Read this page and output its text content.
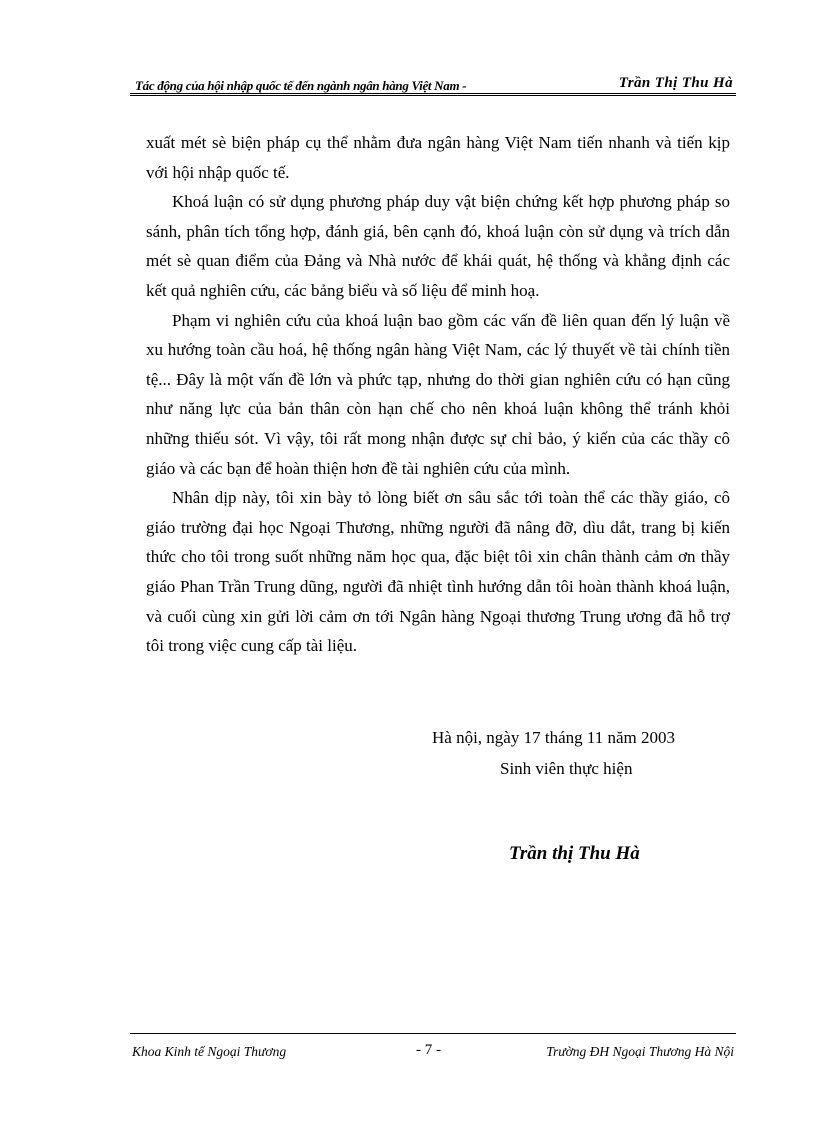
Tác động của hội nhập quốc tế đến ngành ngân hàng Việt Nam -	Trần Thị Thu Hà

xuất mét sè biện pháp cụ thể nhằm đưa ngân hàng Việt Nam tiến nhanh và tiến kịp với hội nhập quốc tế.

Khoá luận có sử dụng phương pháp duy vật biện chứng kết hợp phương pháp so sánh, phân tích tổng hợp, đánh giá, bên cạnh đó, khoá luận còn sử dụng và trích dẫn mét sè quan điểm của Đảng và Nhà nước để khái quát, hệ thống và khẳng định các kết quả nghiên cứu, các bảng biểu và số liệu để minh hoạ.

Phạm vi nghiên cứu của khoá luận bao gồm các vấn đề liên quan đến lý luận về xu hướng toàn cầu hoá, hệ thống ngân hàng Việt Nam, các lý thuyết về tài chính tiền tệ... Đây là một vấn đề lớn và phức tạp, nhưng do thời gian nghiên cứu có hạn cũng như năng lực của bản thân còn hạn chế cho nên khoá luận không thể tránh khỏi những thiếu sót. Vì vậy, tôi rất mong nhận được sự chỉ bảo, ý kiến của các thầy cô giáo và các bạn để hoàn thiện hơn đề tài nghiên cứu của mình.

Nhân dịp này, tôi xin bày tỏ lòng biết ơn sâu sắc tới toàn thể các thầy giáo, cô giáo trường đại học Ngoại Thương, những người đã nâng đỡ, dìu dắt, trang bị kiến thức cho tôi trong suốt những năm học qua, đặc biệt tôi xin chân thành cảm ơn thầy giáo Phan Trần Trung dũng, người đã nhiệt tình hướng dẫn tôi hoàn thành khoá luận, và cuối cùng xin gửi lời cảm ơn tới Ngân hàng Ngoại thương Trung ương đã hỗ trợ tôi trong việc cung cấp tài liệu.

Hà nội, ngày 17 tháng 11 năm 2003
Sinh viên thực hiện
Trần thị Thu Hà
Khoa Kinh tế Ngoại Thương	- 7 -	Trường ĐH Ngoại Thương Hà Nội
